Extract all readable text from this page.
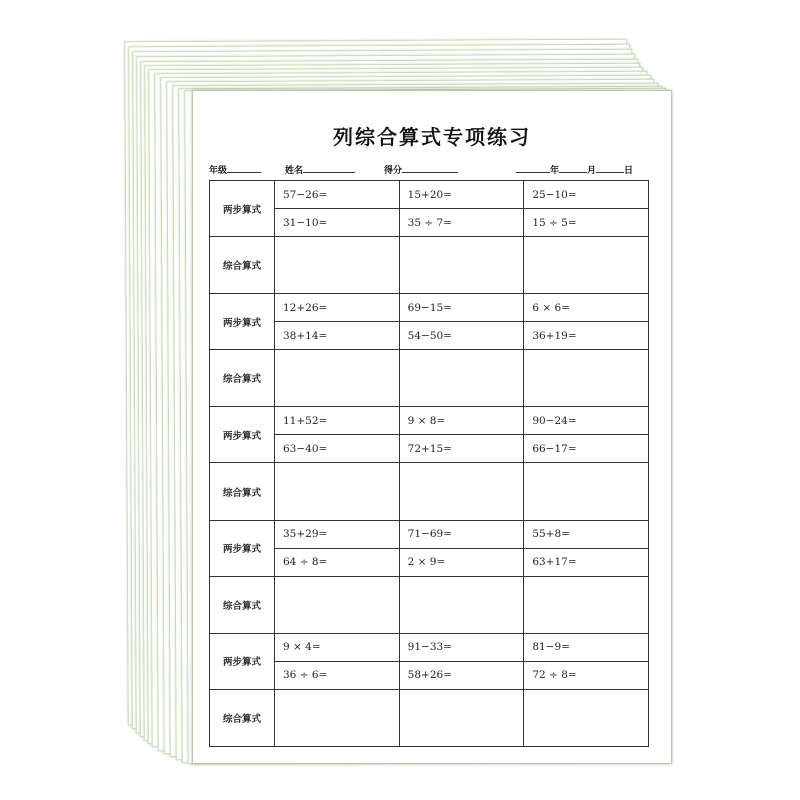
列综合算式专项练习
年级	姓名	得分	年	月	日
两步算式	57−26=	15+20=	25−10=
	31−10=	35 ÷ 7=	15 ÷ 5=
综合算式			
两步算式	12+26=	69−15=	6 × 6=
	38+14=	54−50=	36+19=
综合算式			
两步算式	11+52=	9 × 8=	90−24=
	63−40=	72+15=	66−17=
综合算式			
两步算式	35+29=	71−69=	55+8=
	64 ÷ 8=	2 × 9=	63+17=
综合算式			
两步算式	9 × 4=	91−33=	81−9=
	36 ÷ 6=	58+26=	72 ÷ 8=
综合算式			
